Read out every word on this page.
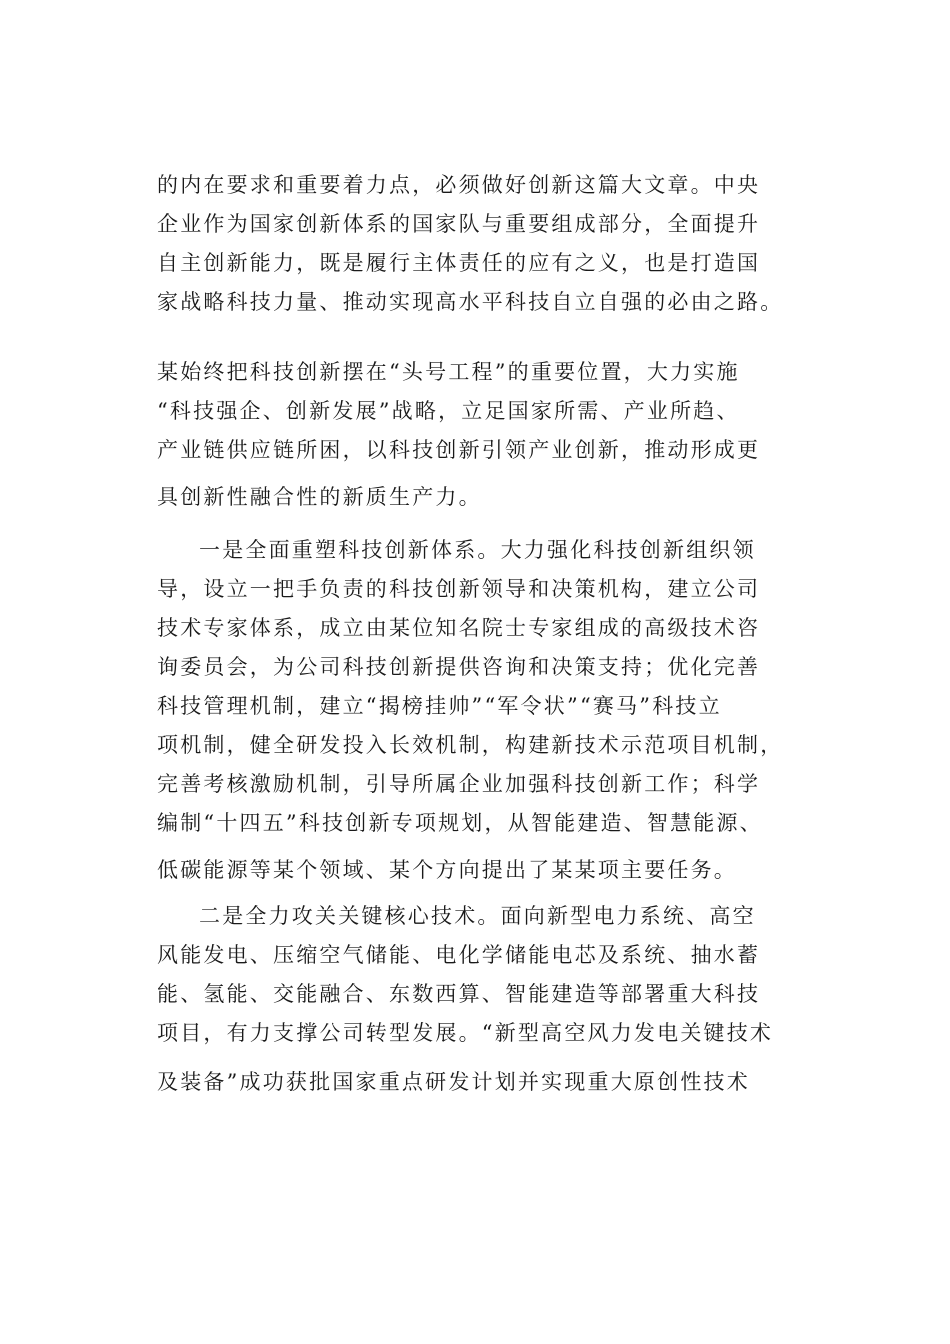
的内在要求和重要着力点，必须做好创新这篇大文章。中央
企业作为国家创新体系的国家队与重要组成部分，全面提升
自主创新能力，既是履行主体责任的应有之义，也是打造国
家战略科技力量、推动实现高水平科技自立自强的必由之路。
某始终把科技创新摆在“头号工程”的重要位置，大力实施
“科技强企、创新发展”战略，立足国家所需、产业所趋、
产业链供应链所困，以科技创新引领产业创新，推动形成更
具创新性融合性的新质生产力。
一是全面重塑科技创新体系。大力强化科技创新组织领
导，设立一把手负责的科技创新领导和决策机构，建立公司
技术专家体系，成立由某位知名院士专家组成的高级技术咨
询委员会，为公司科技创新提供咨询和决策支持；优化完善
科技管理机制，建立“揭榜挂帅”“军令状”“赛马”科技立
项机制，健全研发投入长效机制，构建新技术示范项目机制，
完善考核激励机制，引导所属企业加强科技创新工作；科学
编制“十四五”科技创新专项规划，从智能建造、智慧能源、
低碳能源等某个领域、某个方向提出了某某项主要任务。
二是全力攻关关键核心技术。面向新型电力系统、高空
风能发电、压缩空气储能、电化学储能电芯及系统、抽水蓄
能、氢能、交能融合、东数西算、智能建造等部署重大科技
项目，有力支撑公司转型发展。“新型高空风力发电关键技术
及装备”成功获批国家重点研发计划并实现重大原创性技术
